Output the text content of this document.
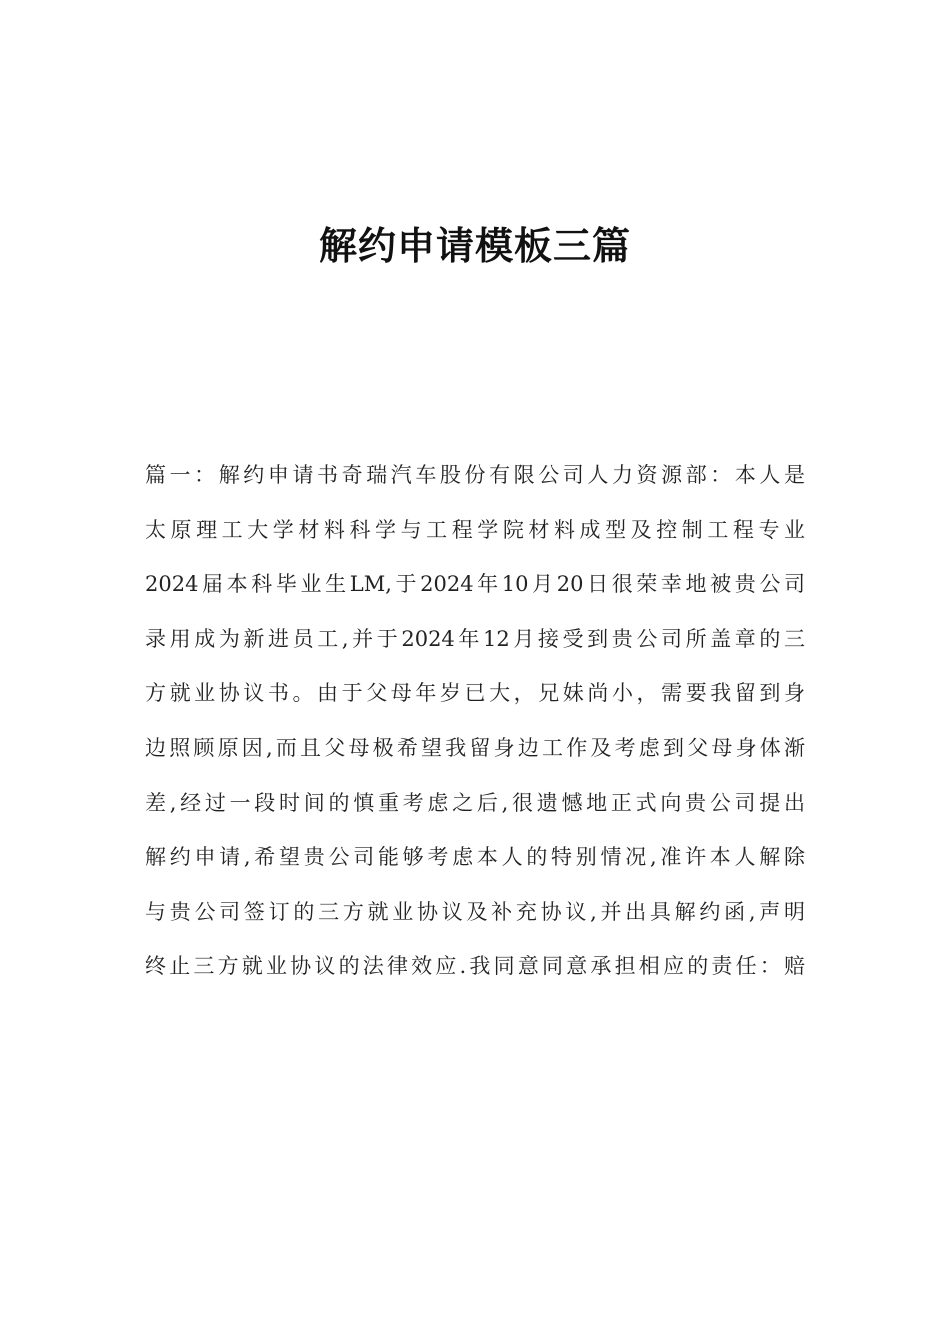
解约申请模板三篇
篇一：解约申请书奇瑞汽车股份有限公司人力资源部：本人是
太原理工大学材料科学与工程学院材料成型及控制工程专业
2024届本科毕业生LM,于2024年10月20日很荣幸地被贵公司
录用成为新进员工,并于2024年12月接受到贵公司所盖章的三
方就业协议书。由于父母年岁已大，兄妹尚小，需要我留到身
边照顾原因,而且父母极希望我留身边工作及考虑到父母身体渐
差,经过一段时间的慎重考虑之后,很遗憾地正式向贵公司提出
解约申请,希望贵公司能够考虑本人的特别情况,准许本人解除
与贵公司签订的三方就业协议及补充协议,并出具解约函,声明
终止三方就业协议的法律效应.我同意同意承担相应的责任：赔
